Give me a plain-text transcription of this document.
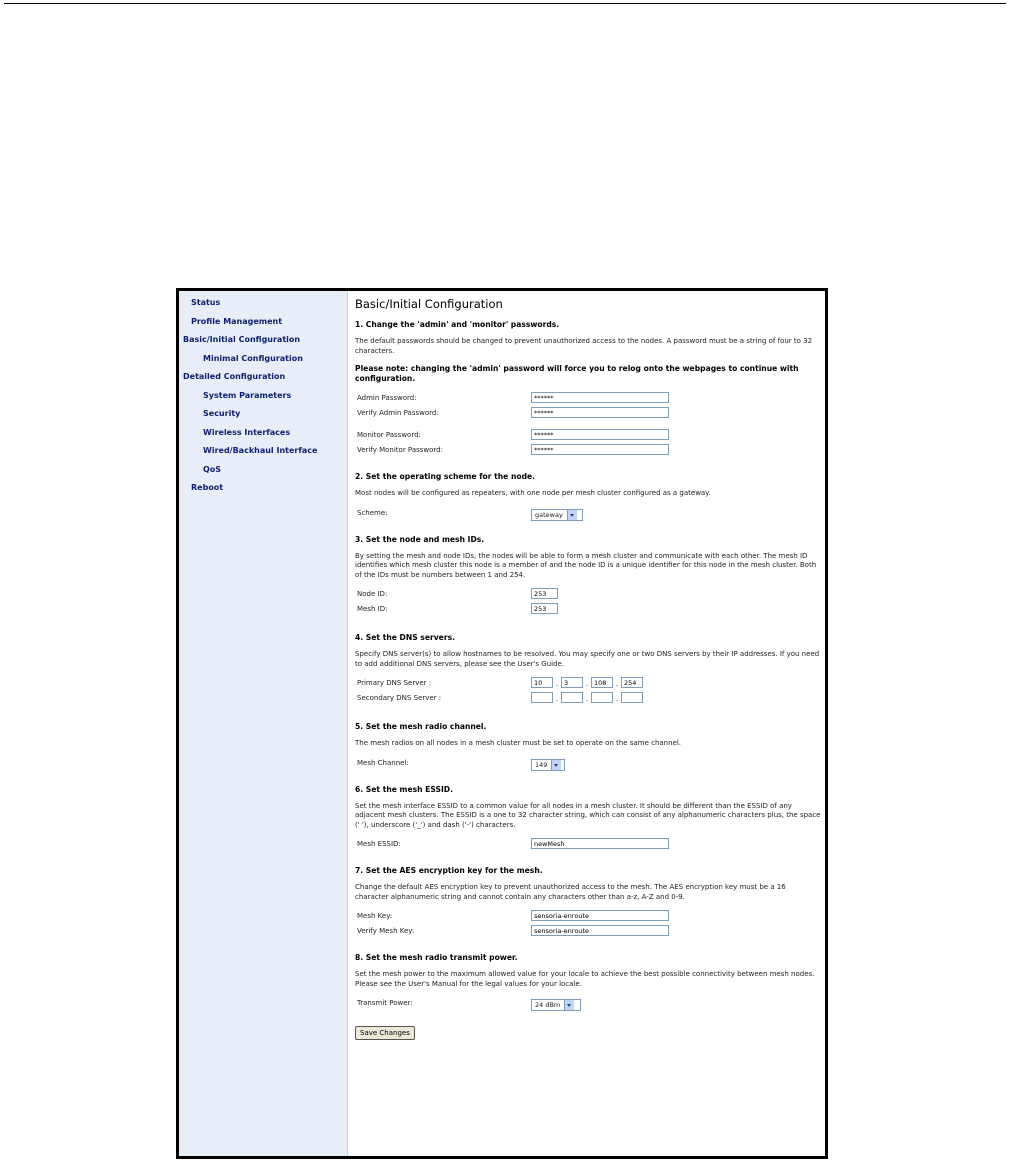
Status
Profile Management
Basic/Initial Configuration
Minimal Configuration
Detailed Configuration
System Parameters
Security
Wireless Interfaces
Wired/Backhaul Interface
QoS
Reboot
Basic/Initial Configuration
1. Change the 'admin' and 'monitor' passwords.
The default passwords should be changed to prevent unauthorized access to the nodes. A password must be a string of four to 32 characters.
Please note: changing the 'admin' password will force you to relog onto the webpages to continue with configuration.
Admin Password:
******
Verify Admin Password:
******
Monitor Password:
******
Verify Monitor Password:
******
2. Set the operating scheme for the node.
Most nodes will be configured as repeaters, with one node per mesh cluster configured as a gateway.
Scheme:	gateway
3. Set the node and mesh IDs.
By setting the mesh and node IDs, the nodes will be able to form a mesh cluster and communicate with each other. The mesh ID identifies which mesh cluster this node is a member of and the node ID is a unique identifier for this node in the mesh cluster. Both of the IDs must be numbers between 1 and 254.
Node ID:
253
Mesh ID:
253
4. Set the DNS servers.
Specify DNS server(s) to allow hostnames to be resolved. You may specify one or two DNS servers by their IP addresses. If you need to add additional DNS servers, please see the User's Guide.
Primary DNS Server :
10	.3	.108	.254
Secondary DNS Server :	.	.	.
5. Set the mesh radio channel.
The mesh radios on all nodes in a mesh cluster must be set to operate on the same channel.
Mesh Channel:	149
6. Set the mesh ESSID.
Set the mesh interface ESSID to a common value for all nodes in a mesh cluster. It should be different than the ESSID of any adjacent mesh clusters. The ESSID is a one to 32 character string, which can consist of any alphanumeric characters plus, the space (' '), underscore ('_') and dash ('-') characters.
Mesh ESSID:
newMesh
7. Set the AES encryption key for the mesh.
Change the default AES encryption key to prevent unauthorized access to the mesh. The AES encryption key must be a 16 character alphanumeric string and cannot contain any characters other than a-z, A-Z and 0-9.
Mesh Key:
sensoria-enroute
Verify Mesh Key:
sensoria-enroute
8. Set the mesh radio transmit power.
Set the mesh power to the maximum allowed value for your locale to achieve the best possible connectivity between mesh nodes. Please see the User's Manual for the legal values for your locale.
Transmit Power:	24 dBm
Save Changes
